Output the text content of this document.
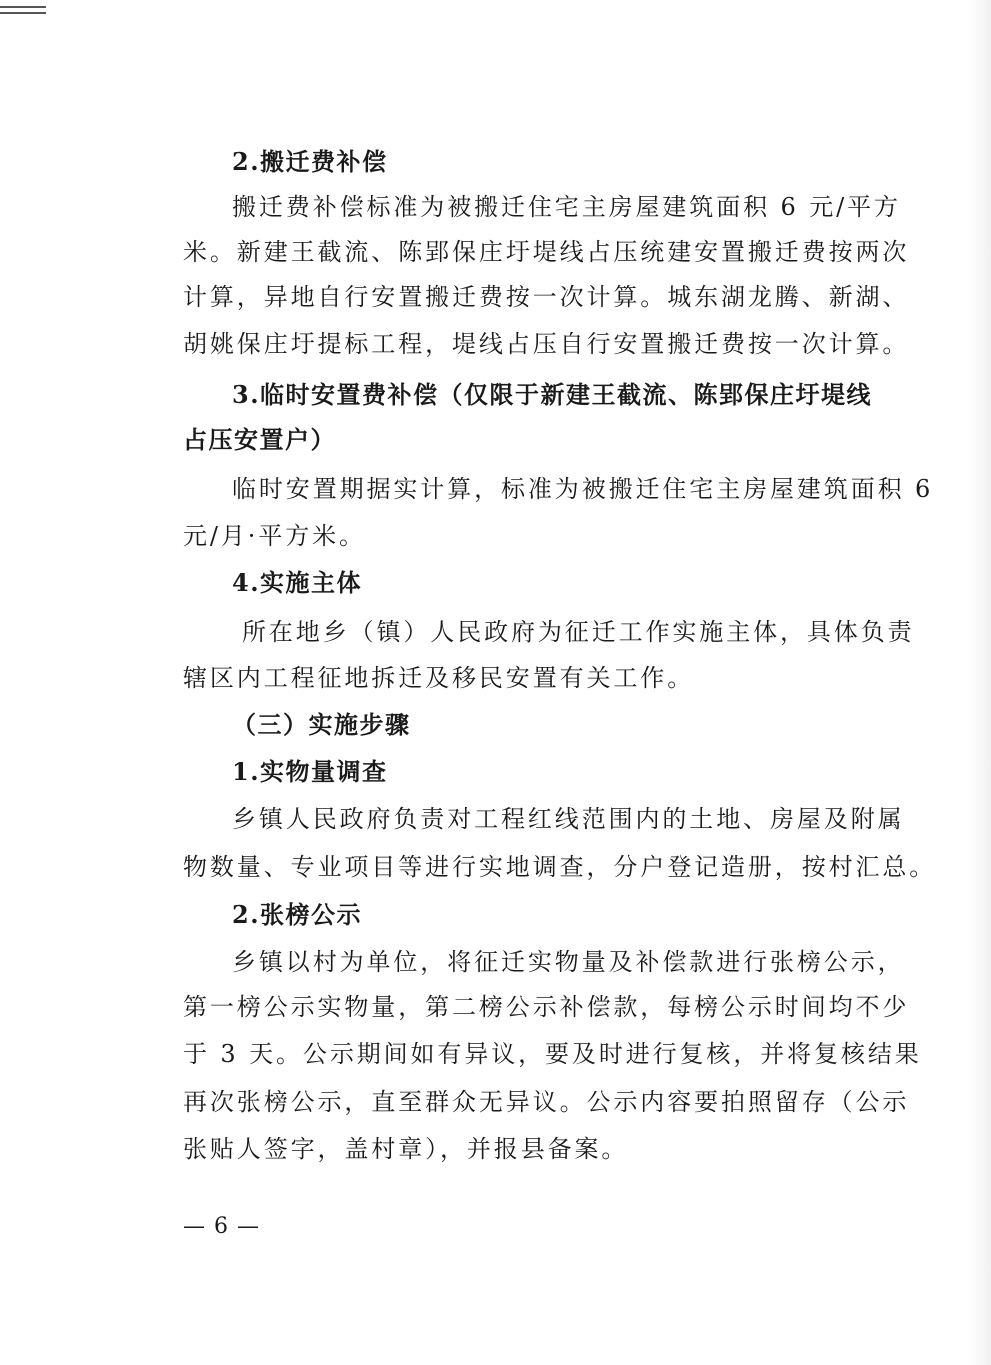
2.搬迁费补偿
搬迁费补偿标准为被搬迁住宅主房屋建筑面积 6 元/平方
米。新建王截流、陈郢保庄圩堤线占压统建安置搬迁费按两次
计算，异地自行安置搬迁费按一次计算。城东湖龙腾、新湖、
胡姚保庄圩提标工程，堤线占压自行安置搬迁费按一次计算。
3.临时安置费补偿（仅限于新建王截流、陈郢保庄圩堤线
占压安置户）
临时安置期据实计算，标准为被搬迁住宅主房屋建筑面积 6
元/月·平方米。
4.实施主体
所在地乡（镇）人民政府为征迁工作实施主体，具体负责
辖区内工程征地拆迁及移民安置有关工作。
（三）实施步骤
1.实物量调查
乡镇人民政府负责对工程红线范围内的土地、房屋及附属
物数量、专业项目等进行实地调查，分户登记造册，按村汇总。
2.张榜公示
乡镇以村为单位，将征迁实物量及补偿款进行张榜公示，
第一榜公示实物量，第二榜公示补偿款，每榜公示时间均不少
于 3 天。公示期间如有异议，要及时进行复核，并将复核结果
再次张榜公示，直至群众无异议。公示内容要拍照留存（公示
张贴人签字，盖村章），并报县备案。
— 6 —
